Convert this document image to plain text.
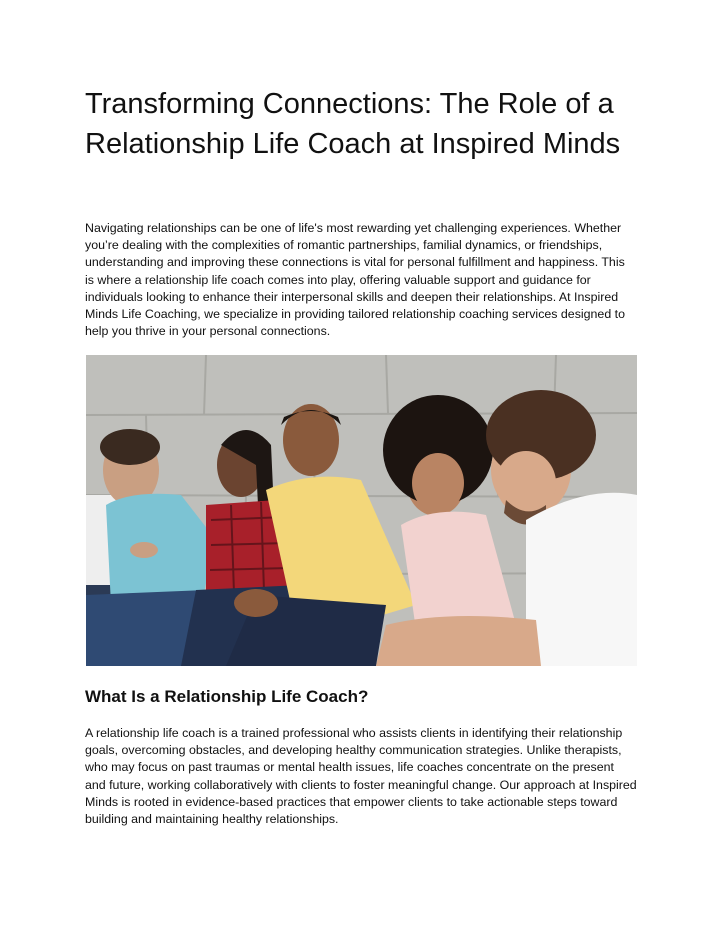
Transforming Connections: The Role of a Relationship Life Coach at Inspired Minds

Navigating relationships can be one of life's most rewarding yet challenging experiences. Whether you’re dealing with the complexities of romantic partnerships, familial dynamics, or friendships, understanding and improving these connections is vital for personal fulfillment and happiness. This is where a relationship life coach comes into play, offering valuable support and guidance for individuals looking to enhance their interpersonal skills and deepen their relationships. At Inspired Minds Life Coaching, we specialize in providing tailored relationship coaching services designed to help you thrive in your personal connections.

What Is a Relationship Life Coach?

A relationship life coach is a trained professional who assists clients in identifying their relationship goals, overcoming obstacles, and developing healthy communication strategies. Unlike therapists, who may focus on past traumas or mental health issues, life coaches concentrate on the present and future, working collaboratively with clients to foster meaningful change. Our approach at Inspired Minds is rooted in evidence-based practices that empower clients to take actionable steps toward building and maintaining healthy relationships.
